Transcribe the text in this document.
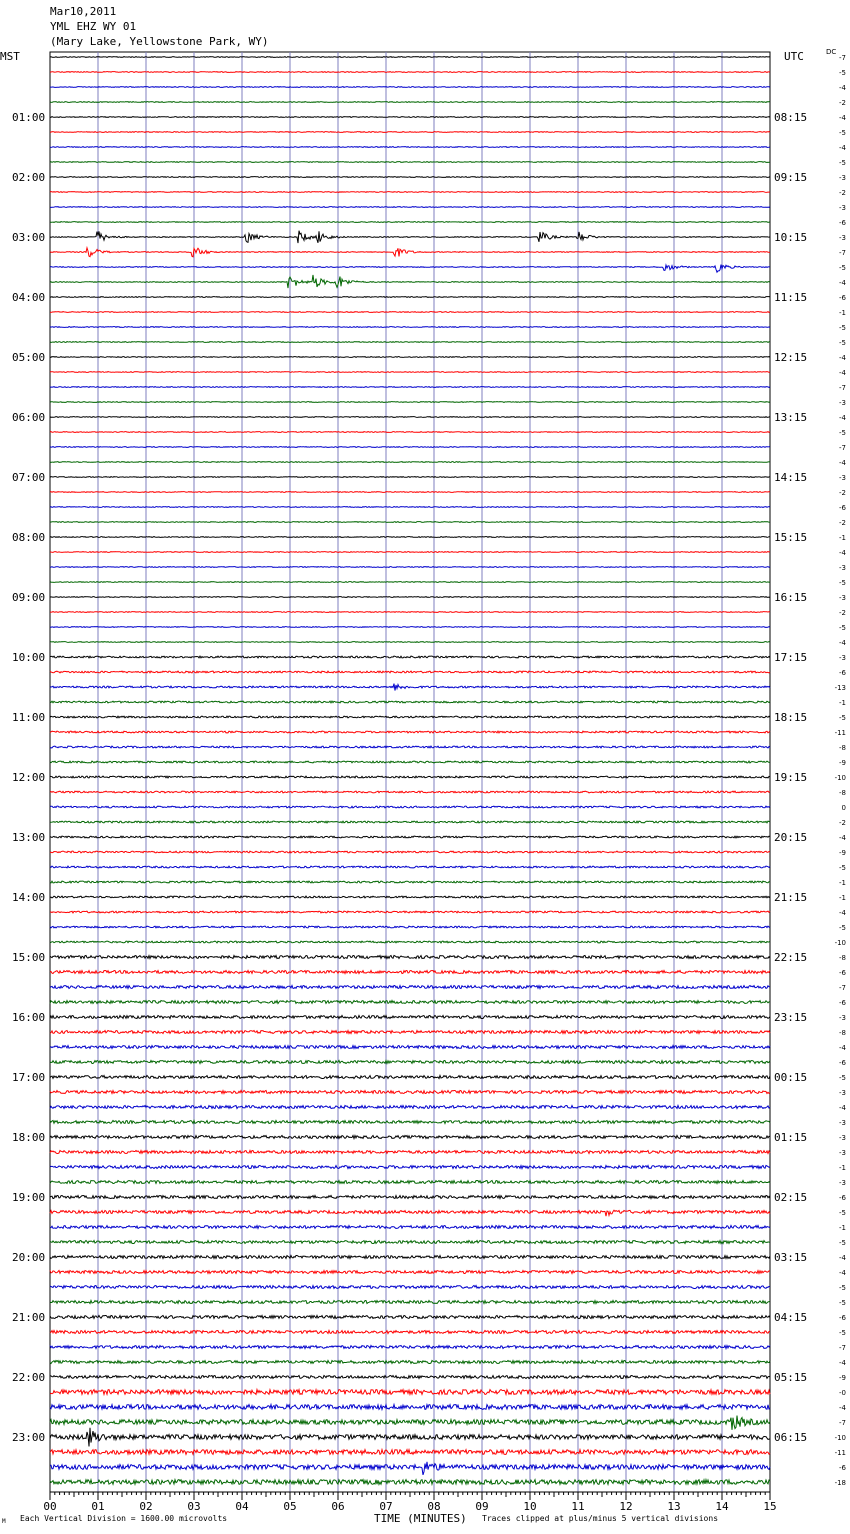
Mar10,2011
YML EHZ WY 01
(Mary Lake, Yellowstone Park, WY)
MST	UTC	DC
01:00	08:15
02:00	09:15
03:00	10:15
04:00	11:15
05:00	12:15
06:00	13:15
07:00	14:15
08:00	15:15
09:00	16:15
10:00	17:15
11:00	18:15
12:00	19:15
13:00	20:15
14:00	21:15
15:00	22:15
16:00	23:15
17:00	00:15
18:00	01:15
19:00	02:15
20:00	03:15
21:00	04:15
22:00	05:15
23:00	06:15
-7
-5
-4
-2
-4
-5
-4
-5
-3
-2
-3
-6
-3
-7
-5
-4
-6
-1
-5
-5
-4
-4
-7
-3
-4
-5
-7
-4
-3
-2
-6
-2
-1
-4
-3
-5
-3
-2
-5
-4
-3
-6
-13
-1
-5
-11
-8
-9
-10
-8
0
-2
-4
-9
-5
-1
-1
-4
-5
-10
-8
-6
-7
-6
-3
-8
-4
-6
-5
-3
-4
-3
-3
-3
-1
-3
-6
-5
-1
-5
-4
-4
-5
-5
-6
-5
-7
-4
-9
-0
-4
-7
-10
-11
-6
-18
00	01	02	03	04	05	06	07	08	09	10	11	12	13	14	15
M Each Vertical Division = 1600.00 microvolts	TIME (MINUTES) Traces clipped at plus/minus 5 vertical divisions
